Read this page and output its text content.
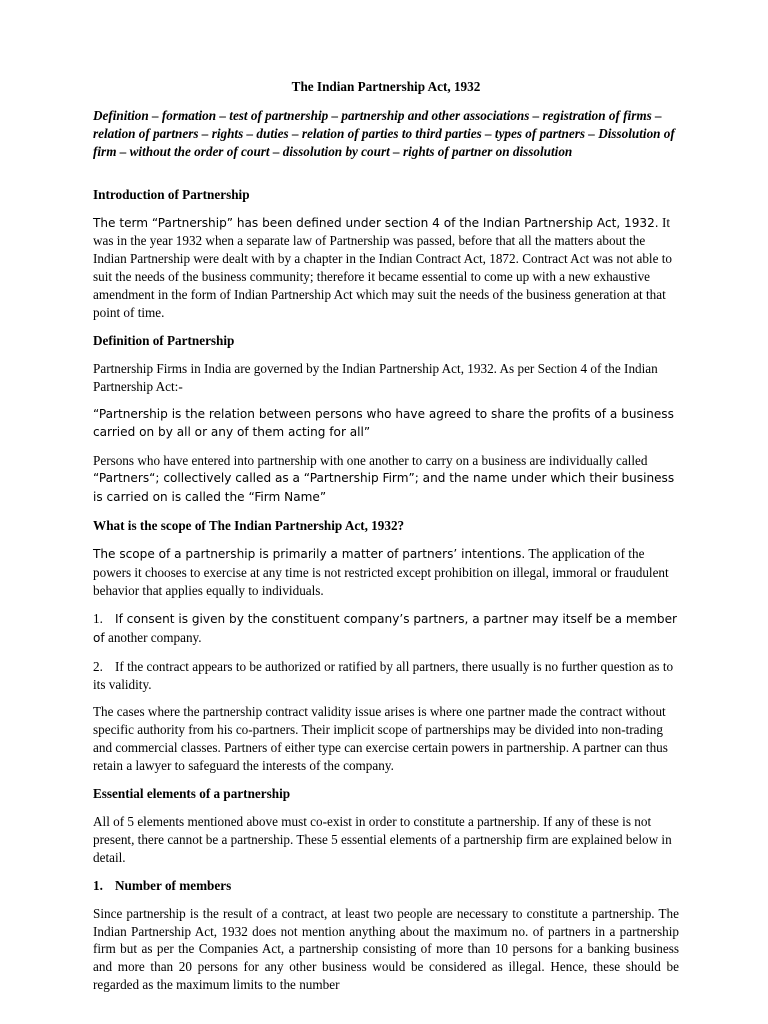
The Indian Partnership Act, 1932
Definition – formation – test of partnership – partnership and other associations – registration of firms – relation of partners – rights – duties – relation of parties to third parties – types of partners – Dissolution of firm – without the order of court – dissolution by court – rights of partner on dissolution
Introduction of Partnership

The term “Partnership” has been defined under section 4 of the Indian Partnership Act, 1932. It was in the year 1932 when a separate law of Partnership was passed, before that all the matters about the Indian Partnership were dealt with by a chapter in the Indian Contract Act, 1872. Contract Act was not able to suit the needs of the business community; therefore it became essential to come up with a new exhaustive amendment in the form of Indian Partnership Act which may suit the needs of the business generation at that point of time.

Definition of Partnership

Partnership Firms in India are governed by the Indian Partnership Act, 1932. As per Section 4 of the Indian Partnership Act:-

“Partnership is the relation between persons who have agreed to share the profits of a business carried on by all or any of them acting for all”

Persons who have entered into partnership with one another to carry on a business are individually called “Partners“; collectively called as a “Partnership Firm”; and the name under which their business is carried on is called the “Firm Name”

What is the scope of The Indian Partnership Act, 1932?

The scope of a partnership is primarily a matter of partners’ intentions. The application of the powers it chooses to exercise at any time is not restricted except prohibition on illegal, immoral or fraudulent behavior that applies equally to individuals.

1. If consent is given by the constituent company’s partners, a partner may itself be a member of another company.

2. If the contract appears to be authorized or ratified by all partners, there usually is no further question as to its validity.

The cases where the partnership contract validity issue arises is where one partner made the contract without specific authority from his co-partners. Their implicit scope of partnerships may be divided into non-trading and commercial classes. Partners of either type can exercise certain powers in partnership. A partner can thus retain a lawyer to safeguard the interests of the company.

Essential elements of a partnership

All of 5 elements mentioned above must co-exist in order to constitute a partnership. If any of these is not present, there cannot be a partnership. These 5 essential elements of a partnership firm are explained below in detail.

1. Number of members

Since partnership is the result of a contract, at least two people are necessary to constitute a partnership. The Indian Partnership Act, 1932 does not mention anything about the maximum no. of partners in a partnership firm but as per the Companies Act, a partnership consisting of more than 10 persons for a banking business and more than 20 persons for any other business would be considered as illegal. Hence, these should be regarded as the maximum limits to the number
